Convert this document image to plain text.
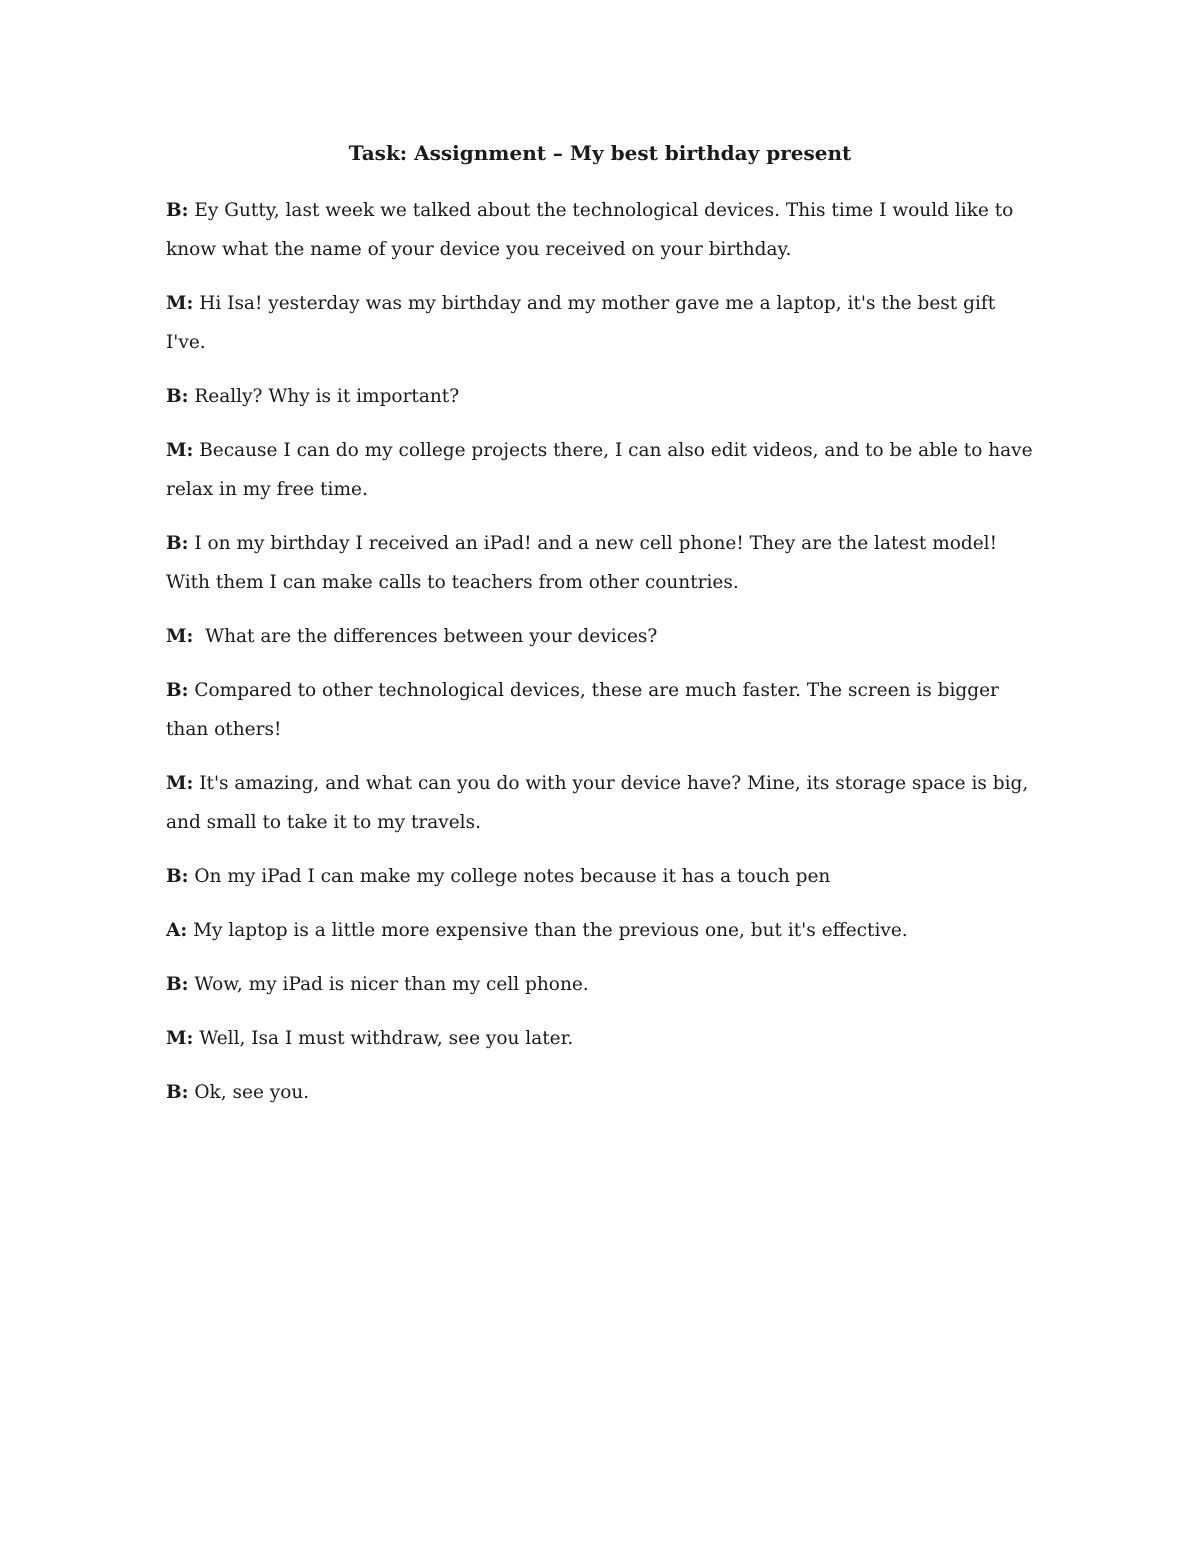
Task: Assignment – My best birthday present

B: Ey Gutty, last week we talked about the technological devices. This time I would like to know what the name of your device you received on your birthday.

M: Hi Isa! yesterday was my birthday and my mother gave me a laptop, it's the best gift I've.

B: Really? Why is it important?

M: Because I can do my college projects there, I can also edit videos, and to be able to have relax in my free time.

B: I on my birthday I received an iPad! and a new cell phone! They are the latest model! With them I can make calls to teachers from other countries.

M: What are the differences between your devices?

B: Compared to other technological devices, these are much faster. The screen is bigger than others!

M: It's amazing, and what can you do with your device have? Mine, its storage space is big, and small to take it to my travels.

B: On my iPad I can make my college notes because it has a touch pen

A: My laptop is a little more expensive than the previous one, but it's effective.

B: Wow, my iPad is nicer than my cell phone.

M: Well, Isa I must withdraw, see you later.

B: Ok, see you.
